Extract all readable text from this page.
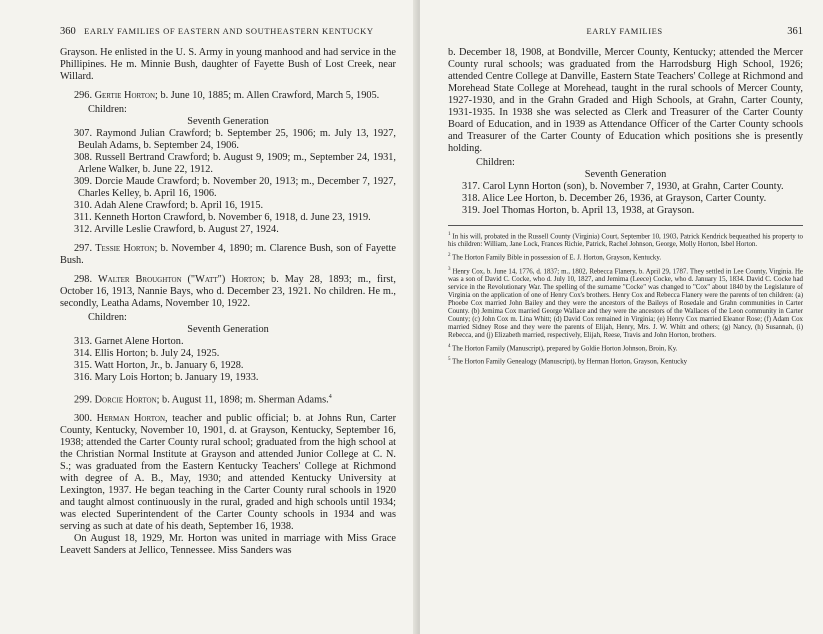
360 EARLY FAMILIES OF EASTERN AND SOUTHEASTERN KENTUCKY

Grayson. He enlisted in the U. S. Army in young manhood and had service in the Phillipines. He m. Minnie Bush, daughter of Fayette Bush of Lost Creek, near Willard.

296. Gertie Horton; b. June 10, 1885; m. Allen Crawford, March 5, 1905.

Children:

Seventh Generation

307. Raymond Julian Crawford; b. September 25, 1906; m. July 13, 1927, Beulah Adams, b. September 24, 1906.

308. Russell Bertrand Crawford; b. August 9, 1909; m., September 24, 1931, Arlene Walker, b. June 22, 1912.

309. Dorcie Maude Crawford; b. November 20, 1913; m., December 7, 1927, Charles Kelley, b. April 16, 1906.

310. Adah Alene Crawford; b. April 16, 1915.

311. Kenneth Horton Crawford, b. November 6, 1918, d. June 23, 1919.

312. Arville Leslie Crawford, b. August 27, 1924.

297. Tessie Horton; b. November 4, 1890; m. Clarence Bush, son of Fayette Bush.

298. Walter Broughton ("Watt") Horton; b. May 28, 1893; m., first, October 16, 1913, Nannie Bays, who d. December 23, 1921. No children. He m., secondly, Leatha Adams, November 10, 1922.

Children:

Seventh Generation

313. Garnet Alene Horton.

314. Ellis Horton; b. July 24, 1925.

315. Watt Horton, Jr., b. January 6, 1928.

316. Mary Lois Horton; b. January 19, 1933.

299. Dorcie Horton; b. August 11, 1898; m. Sherman Adams.$^4$

300. Herman Horton, teacher and public official; b. at Johns Run, Carter County, Kentucky, November 10, 1901, d. at Grayson, Kentucky, September 16, 1938; attended the Carter County rural school; graduated from the high school at the Christian Normal Institute at Grayson and attended Junior College at C. N. S.; was graduated from the Eastern Kentucky Teachers' College at Richmond with degree of A. B., May, 1930; and attended Kentucky University at Lexington, 1937. He began teaching in the Carter County rural schools in 1920 and taught almost continuously in the rural, graded and high schools until 1934; was elected Superintendent of the Carter County schools in 1934 and was serving as such at date of his death, September 16, 1938.

On August 18, 1929, Mr. Horton was united in marriage with Miss Grace Leavett Sanders at Jellico, Tennessee. Miss Sanders was

EARLY FAMILIES	361

b. December 18, 1908, at Bondville, Mercer County, Kentucky; attended the Mercer County rural schools; was graduated from the Harrodsburg High School, 1926; attended Centre College at Danville, Eastern State Teachers' College at Richmond and Morehead State College at Morehead, taught in the rural schools of Mercer County, 1927-1930, and in the Grahn Graded and High Schools, at Grahn, Carter County, 1931-1935. In 1938 she was selected as Clerk and Treasurer of the Carter County Board of Education, and in 1939 as Attendance Officer of the Carter County schools and Treasurer of the Carter County of Education which positions she is presently holding.

Children:

Seventh Generation

317. Carol Lynn Horton (son), b. November 7, 1930, at Grahn, Carter County.

318. Alice Lee Horton, b. December 26, 1936, at Grayson, Carter County.

319. Joel Thomas Horton, b. April 13, 1938, at Grayson.

$^1$ In his will, probated in the Russell County (Virginia) Court, September 10, 1903, Patrick Kendrick bequeathed his property to his children: William, Jane Lock, Frances Richie, Patrick, Rachel Johnson, George, Molly Horton, Isbel Horton.

$^2$ The Horton Family Bible in possession of E. J. Horton, Grayson, Kentucky.

$^3$ Henry Cox, b. June 14, 1776, d. 1837; m., 1802, Rebecca Flanery, b. April 29, 1787. They settled in Lee County, Virginia. He was a son of David C. Cocke, who d. July 10, 1827, and Jemima (Leece) Cocke, who d. January 15, 1834. David C. Cocke had service in the Revolutionary War. The spelling of the surname "Cocke" was changed to "Cox" about 1840 by the Legislature of Virginia on the application of one of Henry Cox's brothers. Henry Cox and Rebecca Flanery were the parents of ten children: (a) Phoebe Cox married John Bailey and they were the ancestors of the Baileys of Rosedale and Grahn communities in Carter County. (b) Jemima Cox married George Wallace and they were the ancestors of the Wallaces of the Leon community in Carter County; (c) John Cox m. Lina Whitt; (d) David Cox remained in Virginia; (e) Henry Cox married Eleanor Rose; (f) Adam Cox married Sidney Rose and they were the parents of Elijah, Henry, Mrs. J. W. Whitt and others; (g) Nancy, (h) Susannah, (i) Rebecca, and (j) Elizabeth married, respectively, Elijah, Reese, Travis and John Horton, brothers.

$^4$ The Horton Family (Manuscript), prepared by Goldie Horton Johnson, Broin, Ky.

$^5$ The Horton Family Genealogy (Manuscript), by Herman Horton, Grayson, Kentucky
